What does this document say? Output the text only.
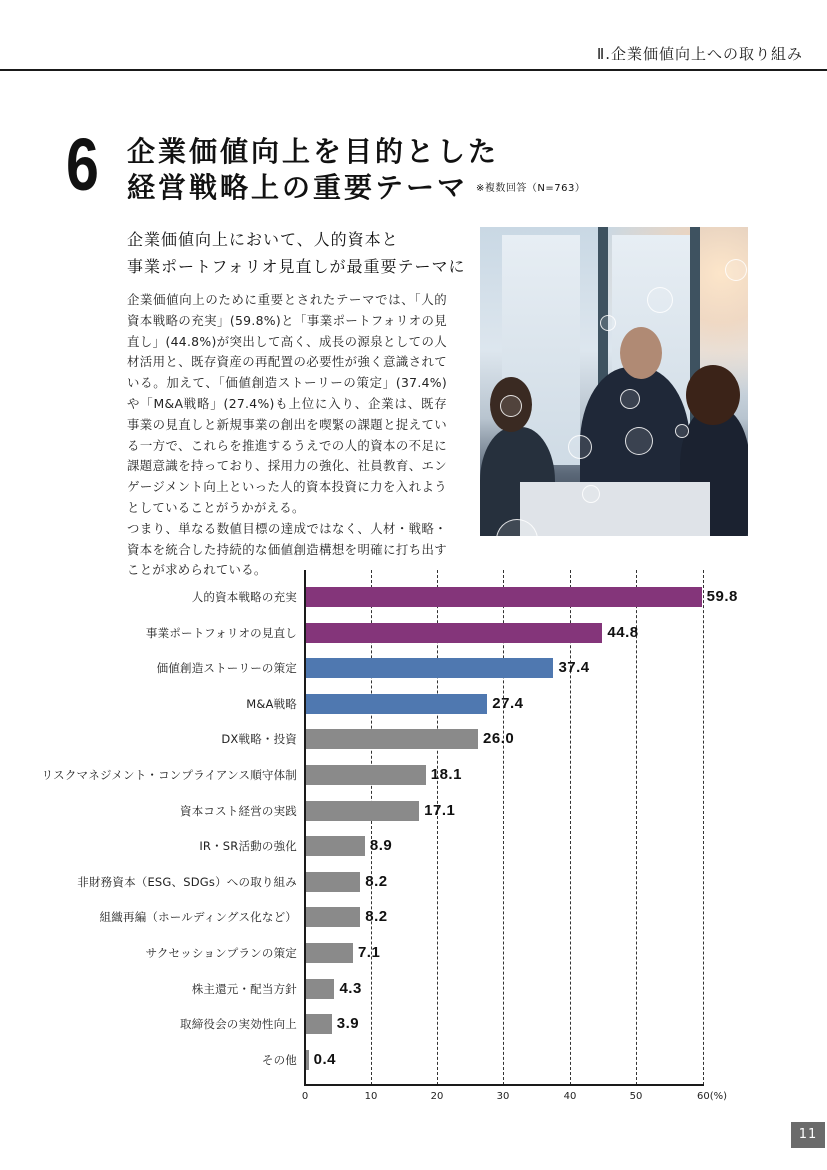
Ⅱ.企業価値向上への取り組み
6 企業価値向上を目的とした
経営戦略上の重要テーマ ※複数回答（N=763）
企業価値向上において、人的資本と
事業ポートフォリオ見直しが最重要テーマに
企業価値向上のために重要とされたテーマでは、「人的資本戦略の充実」(59.8%)と「事業ポートフォリオの見直し」(44.8%)が突出して高く、成長の源泉としての人材活用と、既存資産の再配置の必要性が強く意識されている。加えて、「価値創造ストーリーの策定」(37.4%)や「M&A戦略」(27.4%)も上位に入り、企業は、既存事業の見直しと新規事業の創出を喫緊の課題と捉えている一方で、これらを推進するうえでの人的資本の不足に課題意識を持っており、採用力の強化、社員教育、エンゲージメント向上といった人的資本投資に力を入れようとしていることがうかがえる。
つまり、単なる数値目標の達成ではなく、人材・戦略・資本を統合した持続的な価値創造構想を明確に打ち出すことが求められている。
0	10	20	30	40	50	60(%)
人的資本戦略の充実	59.8
事業ポートフォリオの見直し	44.8
価値創造ストーリーの策定	37.4
M&A戦略	27.4
DX戦略・投資	26.0
リスクマネジメント・コンプライアンス順守体制	18.1
資本コスト経営の実践	17.1
IR・SR活動の強化	8.9
非財務資本（ESG、SDGs）への取り組み	8.2
組織再編（ホールディングス化など）	8.2
サクセッションプランの策定	7.1
株主還元・配当方針	4.3
取締役会の実効性向上	3.9
その他 0.4
11
